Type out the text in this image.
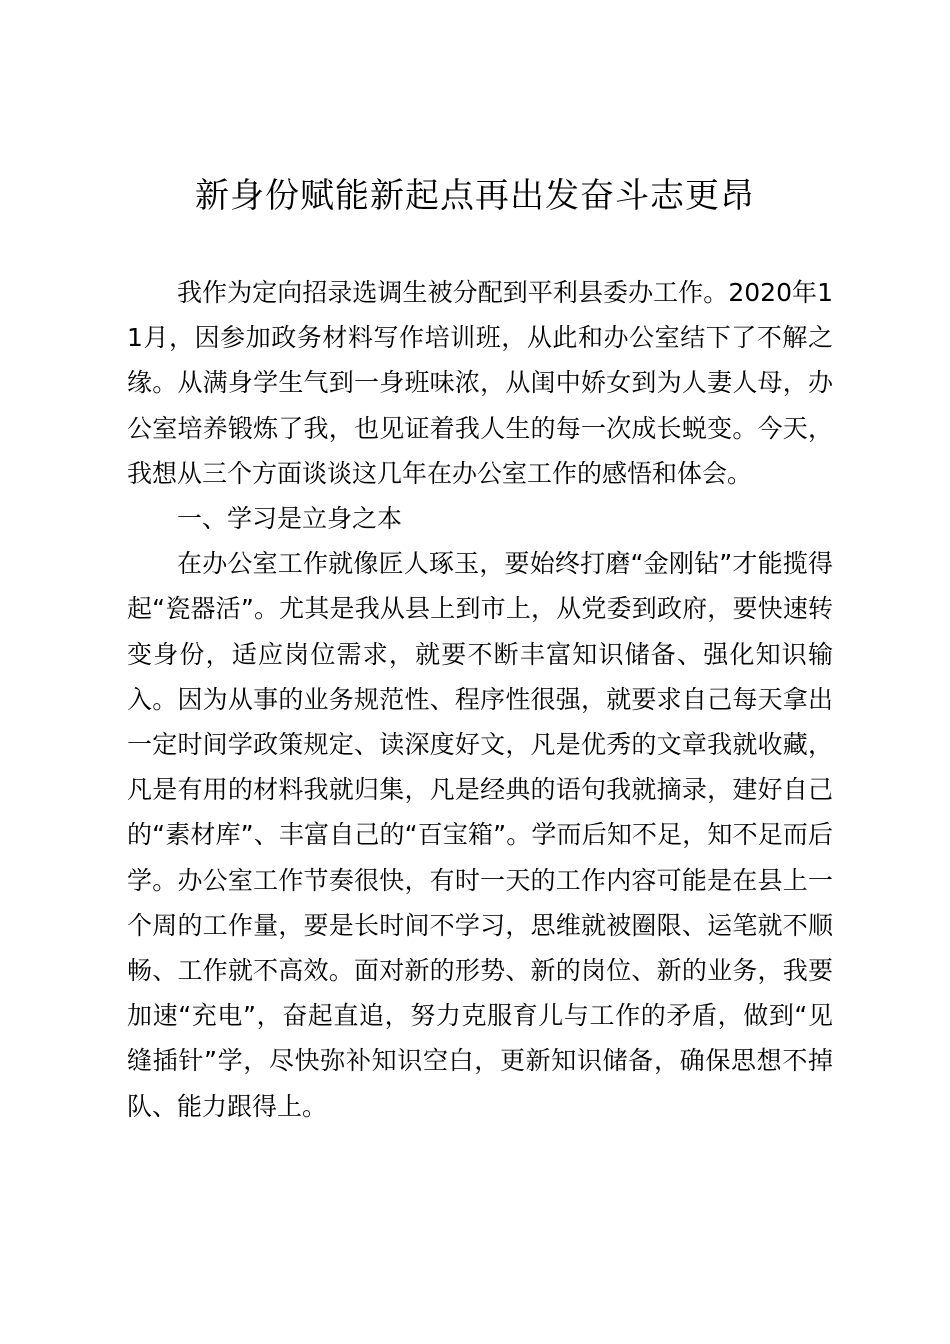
新身份赋能新起点再出发奋斗志更昂

我作为定向招录选调生被分配到平利县委办工作。2020年11月，因参加政务材料写作培训班，从此和办公室结下了不解之缘。从满身学生气到一身班味浓，从闺中娇女到为人妻人母，办公室培养锻炼了我，也见证着我人生的每一次成长蜕变。今天，我想从三个方面谈谈这几年在办公室工作的感悟和体会。

一、学习是立身之本

在办公室工作就像匠人琢玉，要始终打磨“金刚钻”才能揽得起“瓷器活”。尤其是我从县上到市上，从党委到政府，要快速转变身份，适应岗位需求，就要不断丰富知识储备、强化知识输入。因为从事的业务规范性、程序性很强，就要求自己每天拿出一定时间学政策规定、读深度好文，凡是优秀的文章我就收藏，凡是有用的材料我就归集，凡是经典的语句我就摘录，建好自己的“素材库”、丰富自己的“百宝箱”。学而后知不足，知不足而后学。办公室工作节奏很快，有时一天的工作内容可能是在县上一个周的工作量，要是长时间不学习，思维就被圈限、运笔就不顺畅、工作就不高效。面对新的形势、新的岗位、新的业务，我要加速“充电”，奋起直追，努力克服育儿与工作的矛盾，做到“见缝插针”学，尽快弥补知识空白，更新知识储备，确保思想不掉队、能力跟得上。
